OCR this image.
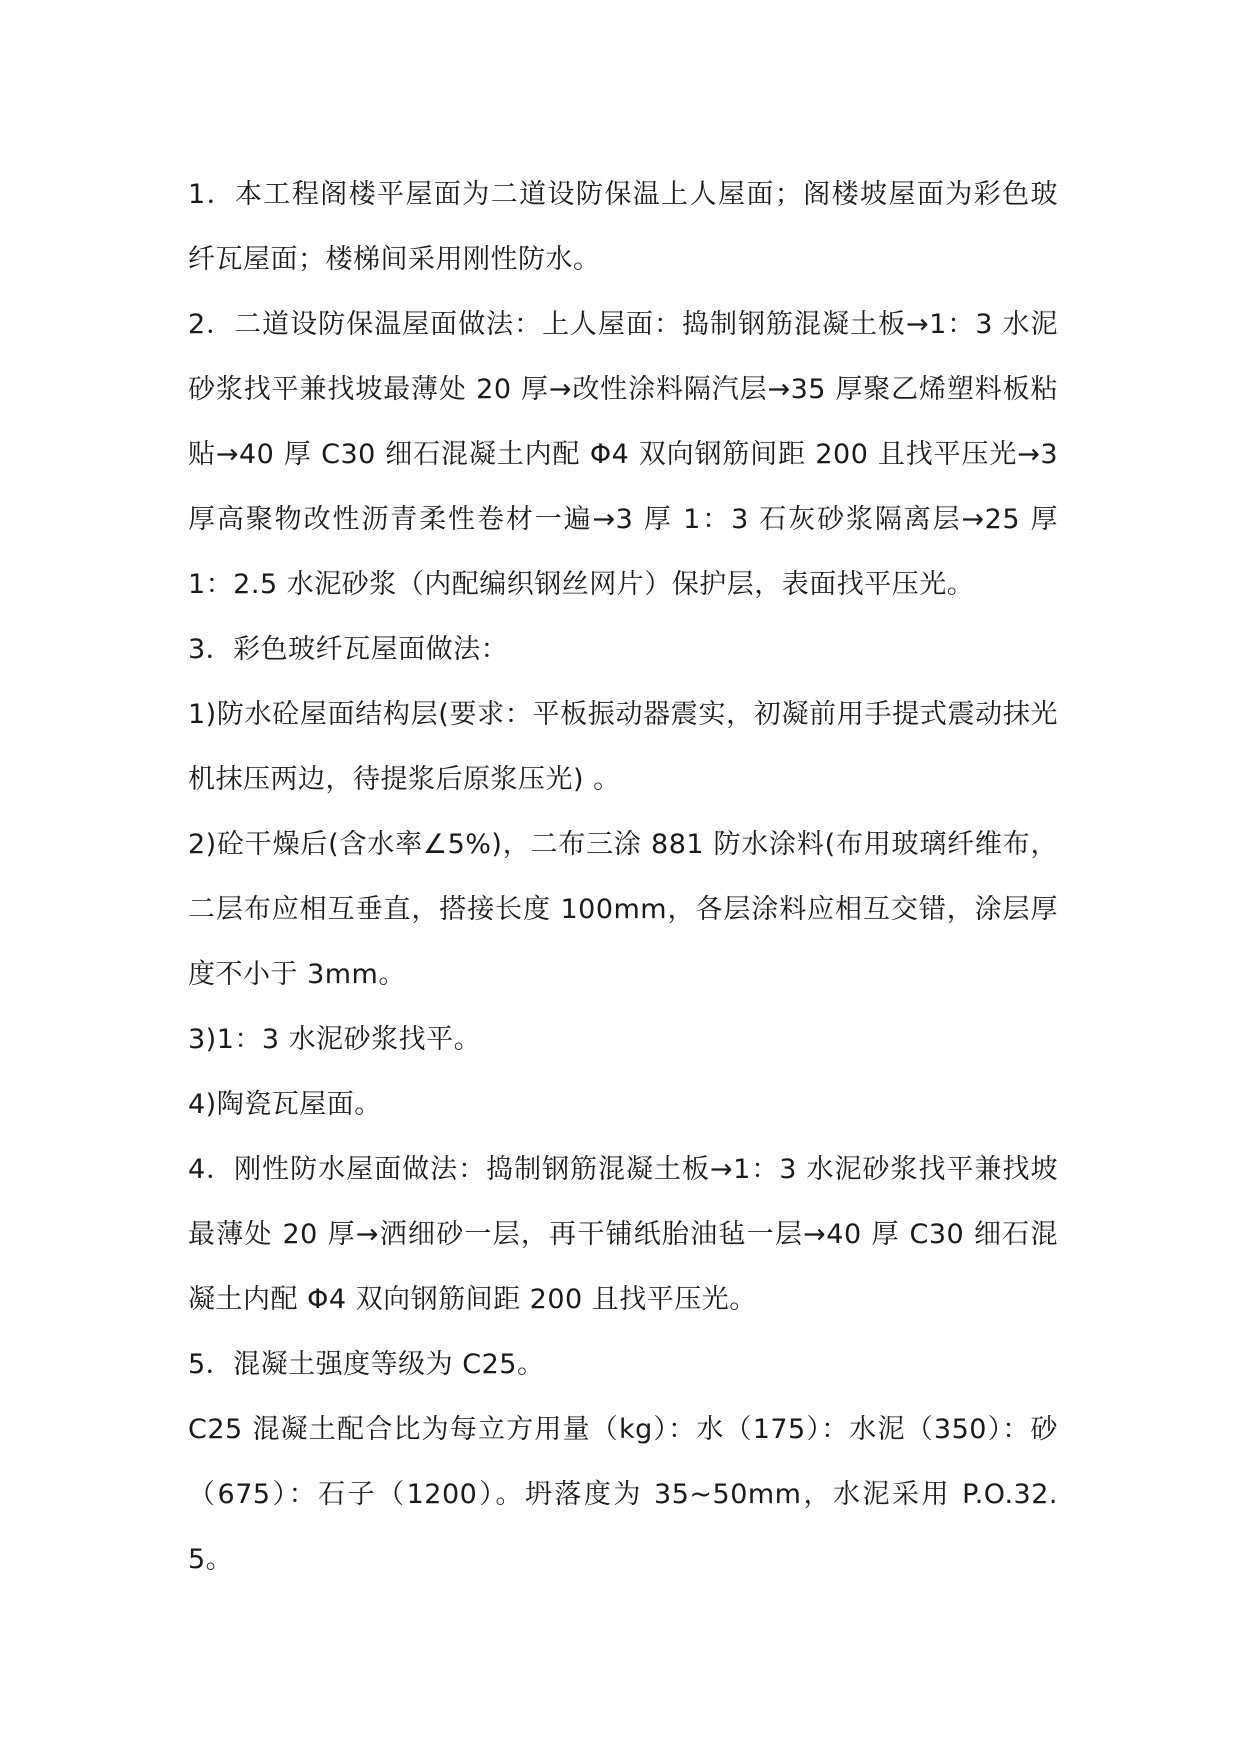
1．本工程阁楼平屋面为二道设防保温上人屋面；阁楼坡屋面为彩色玻纤瓦屋面；楼梯间采用刚性防水。

2．二道设防保温屋面做法：上人屋面：捣制钢筋混凝土板→1：3 水泥砂浆找平兼找坡最薄处 20 厚→改性涂料隔汽层→35 厚聚乙烯塑料板粘贴→40 厚 C30 细石混凝土内配 Φ4 双向钢筋间距 200 且找平压光→3 厚高聚物改性沥青柔性卷材一遍→3 厚 1：3 石灰砂浆隔离层→25 厚 1：2.5 水泥砂浆（内配编织钢丝网片）保护层，表面找平压光。

3．彩色玻纤瓦屋面做法：

1)防水砼屋面结构层(要求：平板振动器震实，初凝前用手提式震动抹光机抹压两边，待提浆后原浆压光) 。

2)砼干燥后(含水率∠5%)，二布三涂 881 防水涂料(布用玻璃纤维布，二层布应相互垂直，搭接长度 100mm，各层涂料应相互交错，涂层厚度不小于 3mm。

3)1：3 水泥砂浆找平。

4)陶瓷瓦屋面。

4．刚性防水屋面做法：捣制钢筋混凝土板→1：3 水泥砂浆找平兼找坡最薄处 20 厚→洒细砂一层，再干铺纸胎油毡一层→40 厚 C30 细石混凝土内配 Φ4 双向钢筋间距 200 且找平压光。

5．混凝土强度等级为 C25。

C25 混凝土配合比为每立方用量（kg）：水（175）：水泥（350）：砂（675）：石子（1200）。坍落度为 35~50mm，水泥采用 P.O.32.5。
